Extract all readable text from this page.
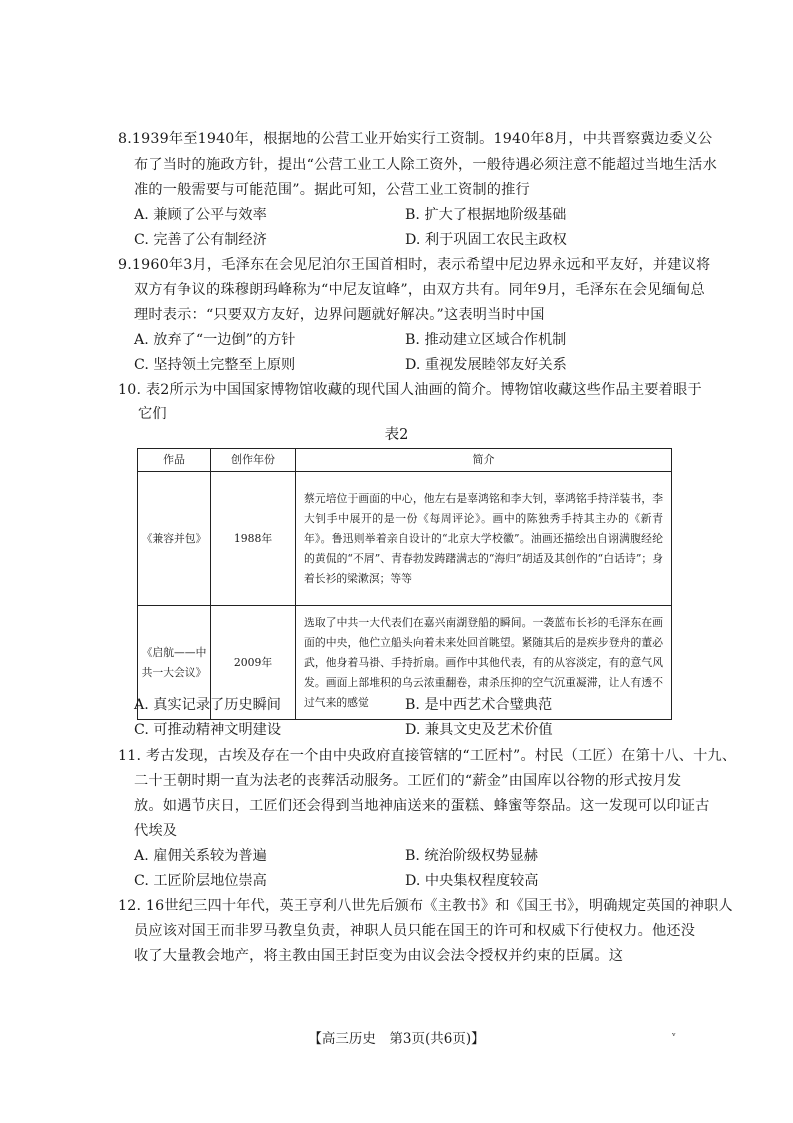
8.1939年至1940年，根据地的公营工业开始实行工资制。1940年8月，中共晋察冀边委义公
布了当时的施政方针，提出“公营工业工人除工资外，一般待遇必须注意不能超过当地生活水
准的一般需要与可能范围”。据此可知，公营工业工资制的推行
A. 兼顾了公平与效率	B. 扩大了根据地阶级基础
C. 完善了公有制经济	D. 利于巩固工农民主政权
9.1960年3月，毛泽东在会见尼泊尔王国首相时，表示希望中尼边界永远和平友好，并建议将
双方有争议的珠穆朗玛峰称为“中尼友谊峰”，由双方共有。同年9月，毛泽东在会见缅甸总
理时表示：“只要双方友好，边界问题就好解决。”这表明当时中国
A. 放弃了“一边倒”的方针	B. 推动建立区域合作机制
C. 坚持领土完整至上原则	D. 重视发展睦邻友好关系
10. 表2所示为中国国家博物馆收藏的现代国人油画的简介。博物馆收藏这些作品主要着眼于
它们
表2
作品	创作年份	简介
《兼容并包》	1988年	蔡元培位于画面的中心，他左右是辜鸿铭和李大钊，辜鸿铭手持洋装书，李大钊手中展开的是一份《每周评论》。画中的陈独秀手持其主办的《新青年》。鲁迅则举着亲自设计的“北京大学校徽”。油画还描绘出自诩满腹经纶的黄侃的“不屑”、青春勃发踌躇满志的“海归”胡适及其创作的“白话诗”；身着长衫的梁漱溟；等等
《启航——中共一大会议》	2009年	选取了中共一大代表们在嘉兴南湖登船的瞬间。一袭蓝布长衫的毛泽东在画面的中央，他伫立船头向着未来处回首眺望。紧随其后的是疾步登舟的董必武，他身着马褂、手持折扇。画作中其他代表，有的从容淡定，有的意气风发。画面上部堆积的乌云浓重翻卷，肃杀压抑的空气沉重凝滞，让人有透不过气来的感觉
A. 真实记录了历史瞬间	B. 是中西艺术合璧典范
C. 可推动精神文明建设	D. 兼具文史及艺术价值
11. 考古发现，古埃及存在一个由中央政府直接管辖的“工匠村”。村民（工匠）在第十八、十九、
二十王朝时期一直为法老的丧葬活动服务。工匠们的“薪金”由国库以谷物的形式按月发
放。如遇节庆日，工匠们还会得到当地神庙送来的蛋糕、蜂蜜等祭品。这一发现可以印证古
代埃及
A. 雇佣关系较为普遍	B. 统治阶级权势显赫
C. 工匠阶层地位崇高	D. 中央集权程度较高
12. 16世纪三四十年代，英王亨利八世先后颁布《主教书》和《国王书》，明确规定英国的神职人
员应该对国王而非罗马教皇负责，神职人员只能在国王的许可和权威下行使权力。他还没
收了大量教会地产，将主教由国王封臣变为由议会法令授权并约束的臣属。这
【高三历史　第3页(共6页)】	ᵥ
